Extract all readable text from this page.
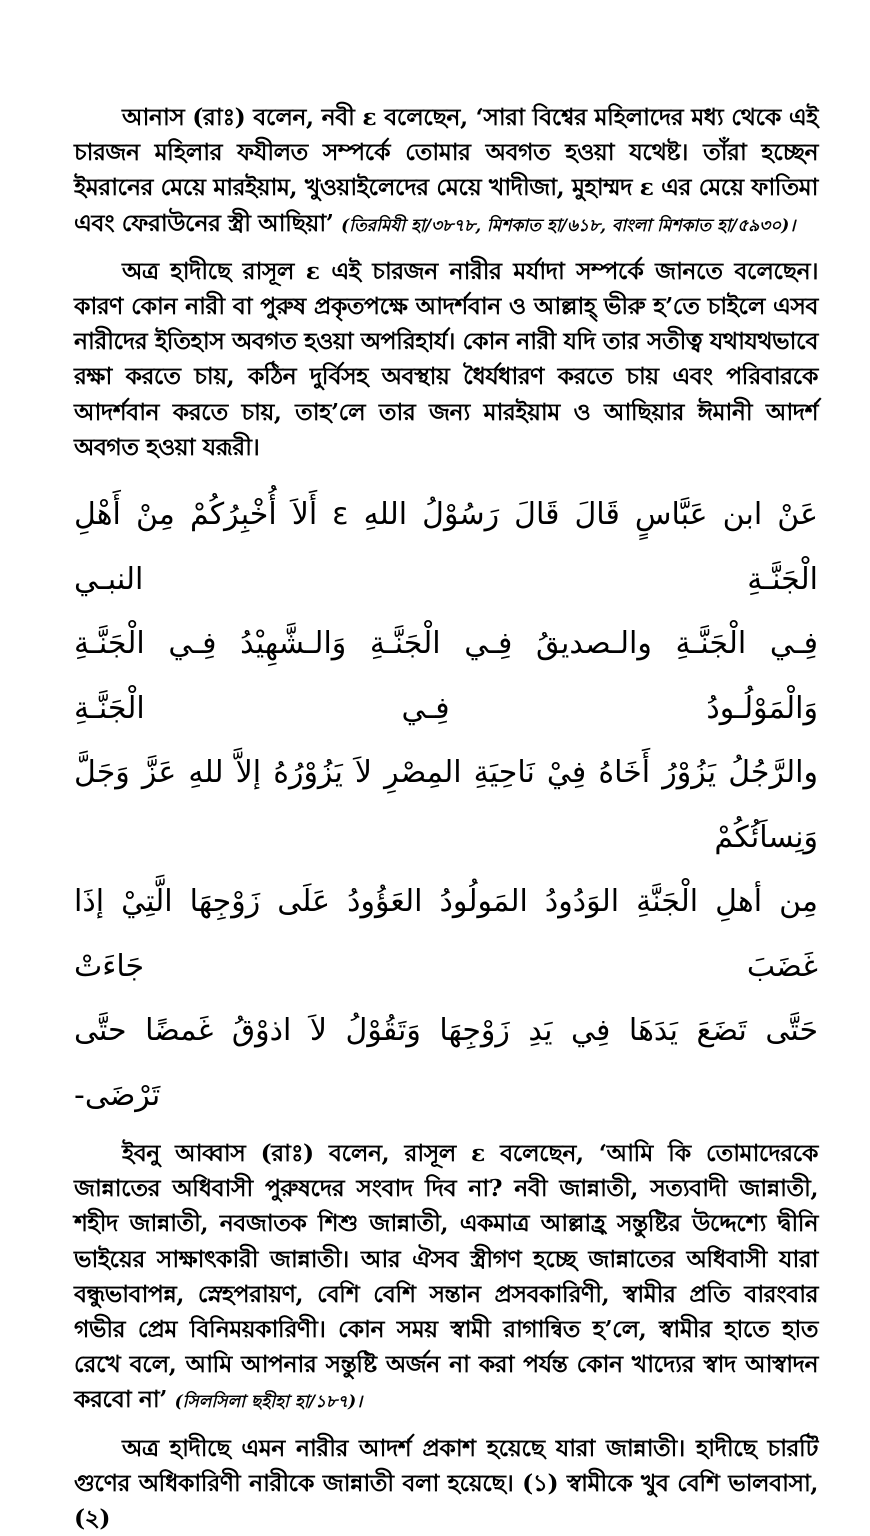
আনাস (রাঃ) বলেন, নবী ε বলেছেন, ‘সারা বিশ্বের মহিলাদের মধ্য থেকে এই চারজন মহিলার ফযীলত সম্পর্কে তোমার অবগত হওয়া যথেষ্ট। তাঁরা হচ্ছেন ইমরানের মেয়ে মারইয়াম, খুওয়াইলেদের মেয়ে খাদীজা, মুহাম্মদ ε এর মেয়ে ফাতিমা এবং ফেরাউনের স্ত্রী আছিয়া’ (তিরমিযী হা/৩৮৭৮, মিশকাত হা/৬১৮, বাংলা মিশকাত হা/৫৯৩০)।

অত্র হাদীছে রাসূল ε এই চারজন নারীর মর্যাদা সম্পর্কে জানতে বলেছেন। কারণ কোন নারী বা পুরুষ প্রকৃতপক্ষে আদর্শবান ও আল্লাহ্ ভীরু হ’তে চাইলে এসব নারীদের ইতিহাস অবগত হওয়া অপরিহার্য। কোন নারী যদি তার সতীত্ব যথাযথভাবে রক্ষা করতে চায়, কঠিন দুর্বিসহ অবস্থায় ধৈর্যধারণ করতে চায় এবং পরিবারকে আদর্শবান করতে চায়, তাহ’লে তার জন্য মারইয়াম ও আছিয়ার ঈমানী আদর্শ অবগত হওয়া যরূরী।

عَنْ ابن عَبَّاسٍ قَالَ قَالَ رَسُوْلُ اللهِ ε أَلاَ أُخْبِرُكُمْ مِنْ أَهْلِ الْجَنَّـةِ النبـي
فِـي الْجَنَّـةِ والـصديقُ فِـي الْجَنَّـةِ وَالـشَّهِيْدُ فِـي الْجَنَّـةِ وَالْمَوْلُـودُ فِـي الْجَنَّـةِ
والرَّجُلُ يَزُوْرُ أَخَاهُ فِيْ نَاحِيَةِ المِصْرِ لاَ يَزُوْرُهُ إلاَّ للهِ عَزَّ وَجَلَّ وَنِساَئُكُمْ
مِن أهلِ الْجَنَّةِ الوَدُودُ المَولُودُ العَؤُودُ عَلَى زَوْجِهَا الَّتِيْ إذَا غَضَبَ جَاءَتْ
حَتَّى تَضَعَ يَدَهَا فِي يَدِ زَوْجِهَا وَتَقُوْلُ لاَ اذوْقُ غَمضًا حتَّى تَرْضَى-

ইবনু আব্বাস (রাঃ) বলেন, রাসূল ε বলেছেন, ‘আমি কি তোমাদেরকে জান্নাতের অধিবাসী পুরুষদের সংবাদ দিব না? নবী জান্নাতী, সত্যবাদী জান্নাতী, শহীদ জান্নাতী, নবজাতক শিশু জান্নাতী, একমাত্র আল্লাহ্র সন্তুষ্টির উদ্দেশ্যে দ্বীনি ভাইয়ের সাক্ষাৎকারী জান্নাতী। আর ঐসব স্ত্রীগণ হচ্ছে জান্নাতের অধিবাসী যারা বন্ধুভাবাপন্ন, স্নেহপরায়ণ, বেশি বেশি সন্তান প্রসবকারিণী, স্বামীর প্রতি বারংবার গভীর প্রেম বিনিময়কারিণী। কোন সময় স্বামী রাগান্বিত হ’লে, স্বামীর হাতে হাত রেখে বলে, আমি আপনার সন্তুষ্টি অর্জন না করা পর্যন্ত কোন খাদ্যের স্বাদ আস্বাদন করবো না’ (সিলসিলা ছহীহা হা/১৮৭)।

অত্র হাদীছে এমন নারীর আদর্শ প্রকাশ হয়েছে যারা জান্নাতী। হাদীছে চারটি গুণের অধিকারিণী নারীকে জান্নাতী বলা হয়েছে। (১) স্বামীকে খুব বেশি ভালবাসা, (২)
